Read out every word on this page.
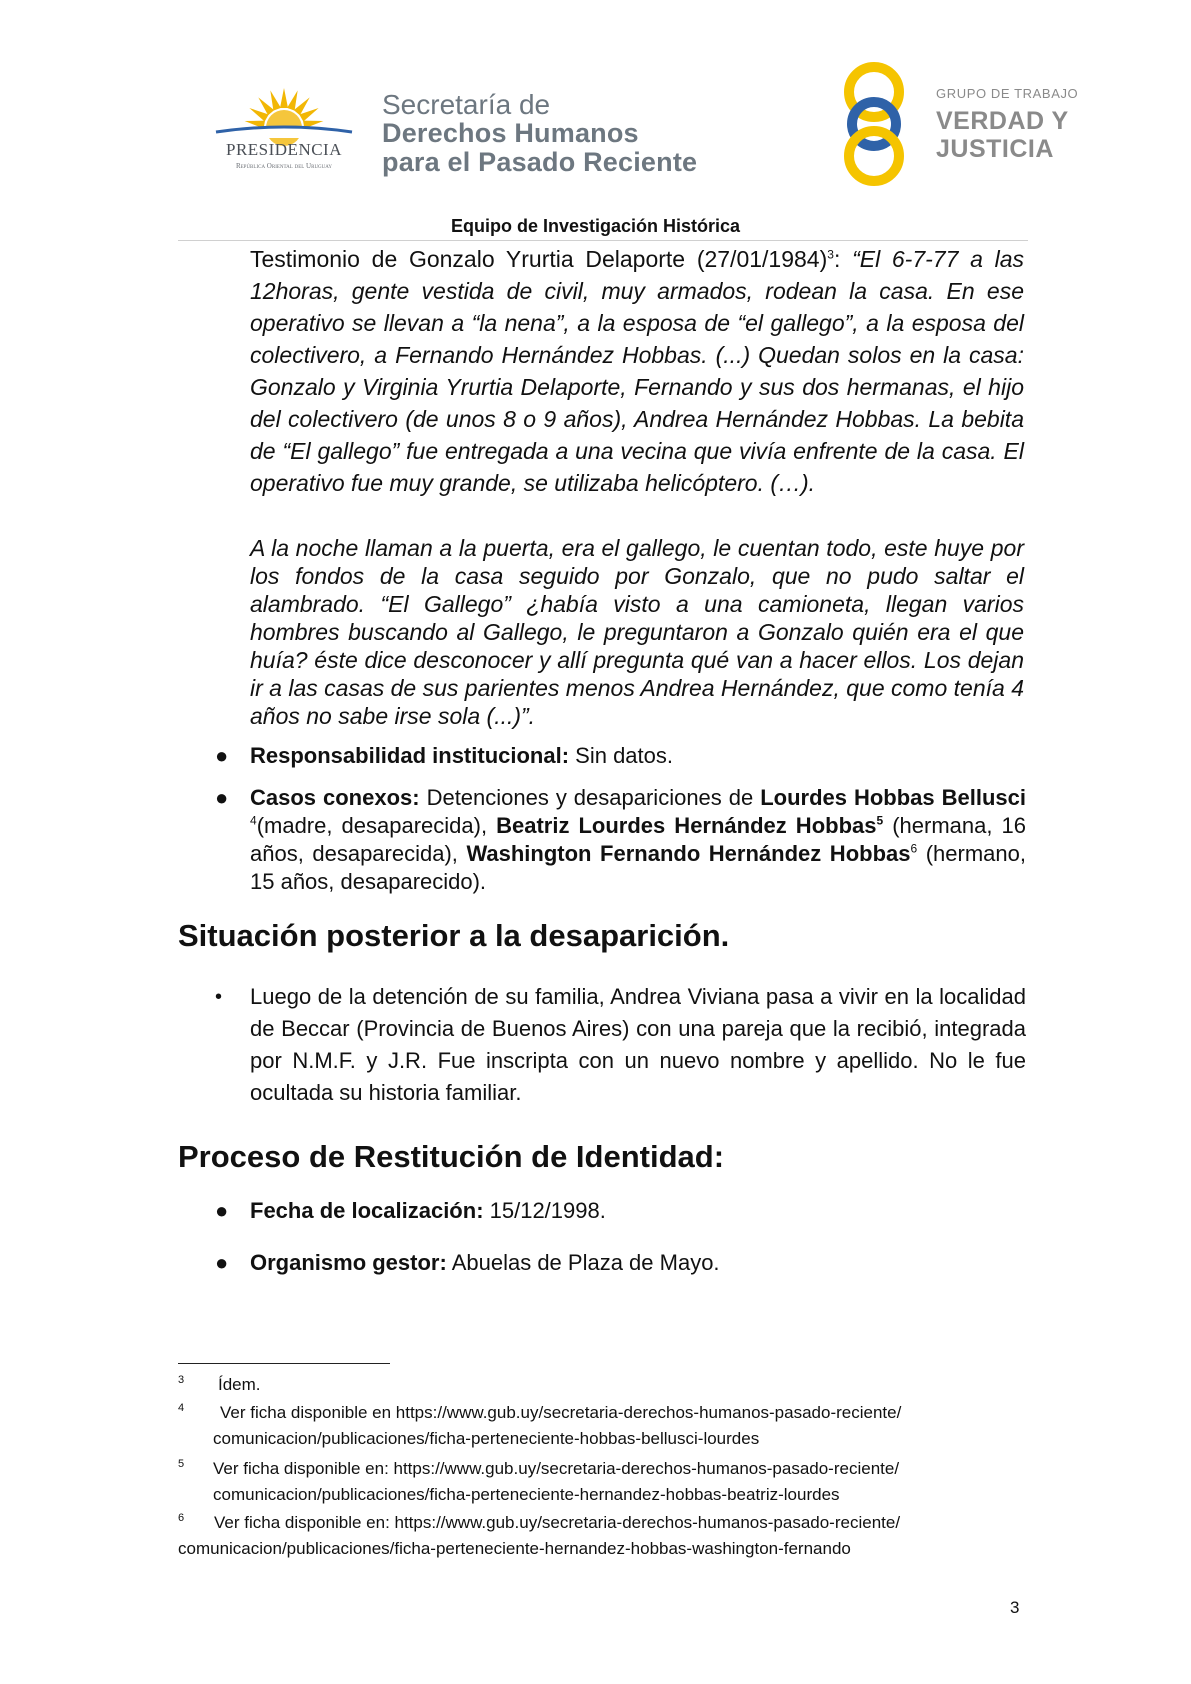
PRESIDENCIA
República Oriental del Uruguay
Secretaría de
Derechos Humanos
para el Pasado Reciente
GRUPO DE TRABAJO
VERDAD Y
JUSTICIA
Equipo de Investigación Histórica
Testimonio de Gonzalo Yrurtia Delaporte $(27/01/1984)^3$: “El 6-7-77 a las 12horas, gente vestida de civil, muy armados, rodean la casa. En ese operativo se llevan a “la nena”, a la esposa de “el gallego”, a la esposa del colectivero, a Fernando Hernández Hobbas. (...) Quedan solos en la casa: Gonzalo y Virginia Yrurtia Delaporte, Fernando y sus dos hermanas, el hijo del colectivero (de unos 8 o 9 años), Andrea Hernández Hobbas. La bebita de “El gallego” fue entregada a una vecina que vivía enfrente de la casa. El operativo fue muy grande, se utilizaba helicóptero. (…).
A la noche llaman a la puerta, era el gallego, le cuentan todo, este huye por los fondos de la casa seguido por Gonzalo, que no pudo saltar el alambrado. “El Gallego” ¿había visto a una camioneta, llegan varios hombres buscando al Gallego, le preguntaron a Gonzalo quién era el que huía? éste dice desconocer y allí pregunta qué van a hacer ellos. Los dejan ir a las casas de sus parientes menos Andrea Hernández, que como tenía 4 años no sabe irse sola (...)”.
● Responsabilidad institucional: Sin datos.
● Casos conexos: Detenciones y desapariciones de Lourdes Hobbas Bellusci $^4$(madre, desaparecida), Beatriz Lourdes Hernández Hobbas$^5$ (hermana, 16 años, desaparecida), Washington Fernando Hernández Hobbas$^6$ (hermano, 15 años, desaparecido).
Situación posterior a la desaparición.
• Luego de la detención de su familia, Andrea Viviana pasa a vivir en la localidad de Beccar (Provincia de Buenos Aires) con una pareja que la recibió, integrada por N.M.F. y J.R. Fue inscripta con un nuevo nombre y apellido. No le fue ocultada su historia familiar.
Proceso de Restitución de Identidad:
● Fecha de localización: 15/12/1998.
● Organismo gestor: Abuelas de Plaza de Mayo.
3 Ídem.
4 Ver ficha disponible en https://www.gub.uy/secretaria-derechos-humanos-pasado-reciente/
comunicacion/publicaciones/ficha-perteneciente-hobbas-bellusci-lourdes
5 Ver ficha disponible en: https://www.gub.uy/secretaria-derechos-humanos-pasado-reciente/
comunicacion/publicaciones/ficha-perteneciente-hernandez-hobbas-beatriz-lourdes
6 Ver ficha disponible en: https://www.gub.uy/secretaria-derechos-humanos-pasado-reciente/
comunicacion/publicaciones/ficha-perteneciente-hernandez-hobbas-washington-fernando
3
